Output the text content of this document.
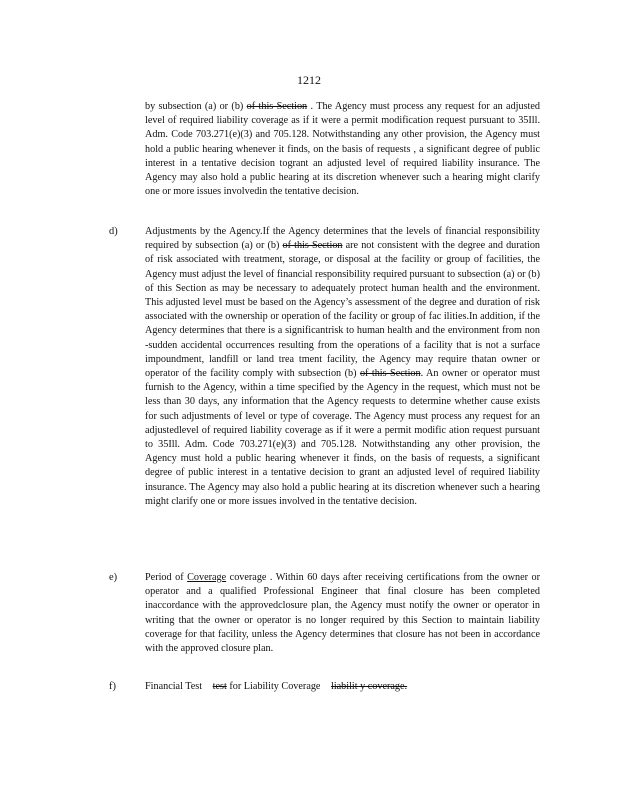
1212

by subsection (a) or (b) of this Section . The Agency must process any request for an adjusted level of required liability coverage as if it were a permit modification request pursuant to 35Ill. Adm. Code 703.271(e)(3) and 705.128. Notwithstanding any other provision, the Agency must hold a public hearing whenever it finds, on the basis of requests , a significant degree of public interest in a tentative decision togrant an adjusted level of required liability insurance. The Agency may also hold a public hearing at its discretion whenever such a hearing might clarify one or more issues involvedin the tentative decision.

d)	Adjustments by the Agency.If the Agency determines that the levels of financial responsibility required by subsection (a) or (b) of this Section are not consistent with the degree and duration of risk associated with treatment, storage, or disposal at the facility or group of facilities, the Agency must adjust the level of financial responsibility required pursuant to subsection (a) or (b) of this Section as may be necessary to adequately protect human health and the environment. This adjusted level must be based on the Agency’s assessment of the degree and duration of risk associated with the ownership or operation of the facility or group of fac ilities.In addition, if the Agency determines that there is a significantrisk to human health and the environment from non -sudden accidental occurrences resulting from the operations of a facility that is not a surface impoundment, landfill or land trea tment facility, the Agency may require thatan owner or operator of the facility comply with subsection (b) of this Section. An owner or operator must furnish to the Agency, within a time specified by the Agency in the request, which must not be less than 30 days, any information that the Agency requests to determine whether cause exists for such adjustments of level or type of coverage. The Agency must process any request for an adjustedlevel of required liability coverage as if it were a permit modific ation request pursuant to 35Ill. Adm. Code 703.271(e)(3) and 705.128. Notwithstanding any other provision, the Agency must hold a public hearing whenever it finds, on the basis of requests, a significant degree of public interest in a tentative decision to grant an adjusted level of required liability insurance. The Agency may also hold a public hearing at its discretion whenever such a hearing might clarify one or more issues involved in the tentative decision.

e)	Period of Coverage coverage . Within 60 days after receiving certifications from the owner or operator and a qualified Professional Engineer that final closure has been completed inaccordance with the approvedclosure plan, the Agency must notify the owner or operator in writing that the owner or operator is no longer required by this Section to maintain liability coverage for that facility, unless the Agency determines that closure has not been in accordance with the approved closure plan.

f)	Financial Test test for Liability Coverage liabilit y coverage.
